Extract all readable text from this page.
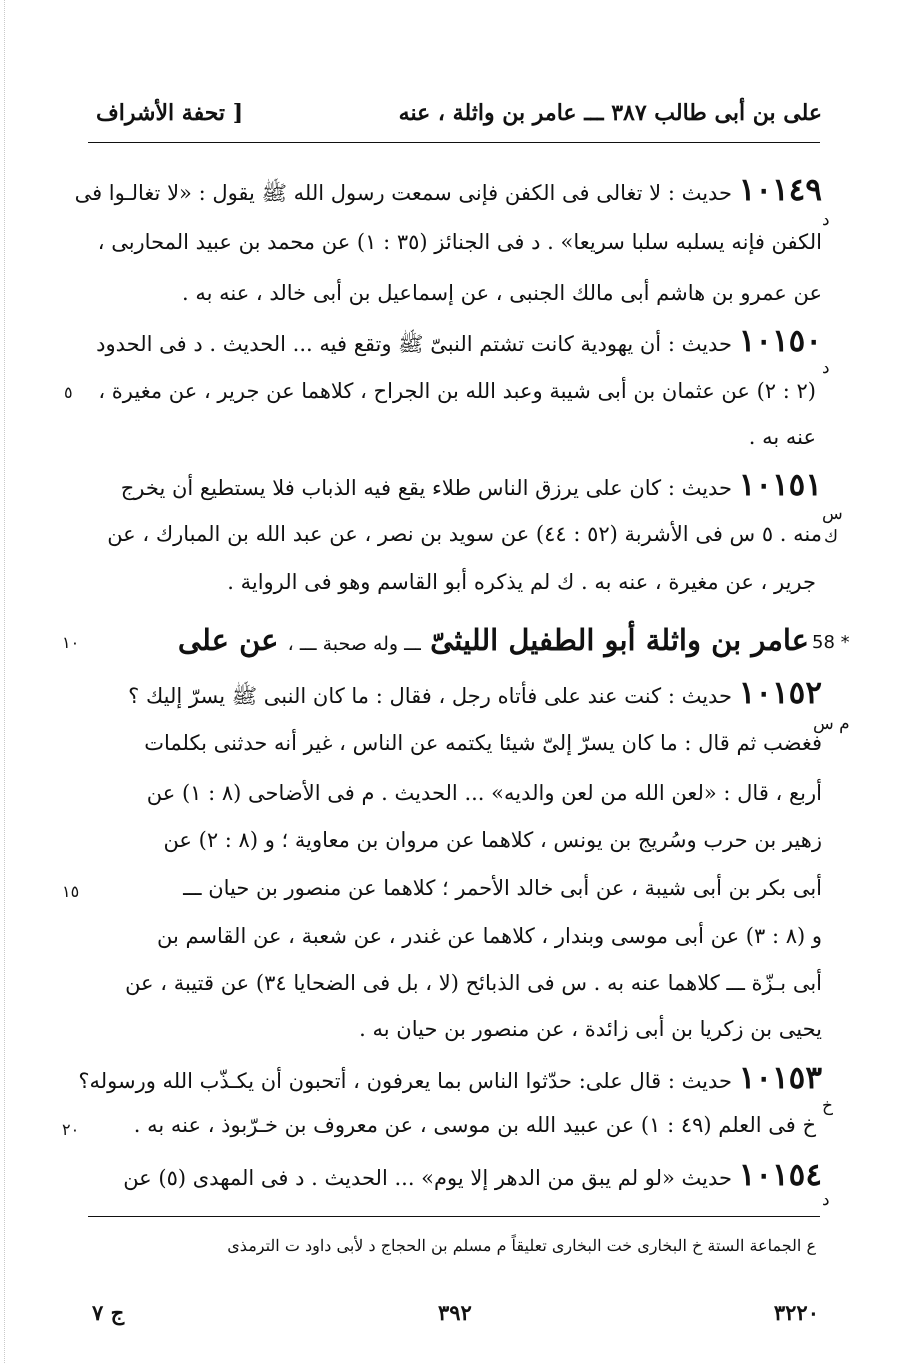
على بن أبى طالب ٣٨٧ ـــ عامر بن واثلة ، عنه
[ تحفة الأشراف
١٠١٤٩ حديث : لا تغالى فى الكفن فإنى سمعت رسول الله ﷺ يقول : «لا تغالـوا فى
د
الكفن فإنه يسلبه سلبا سريعا» . د فى الجنائز (٣٥ : ١) عن محمد بن عبيد المحاربى ،
عن عمرو بن هاشم أبى مالك الجنبى ، عن إسماعيل بن أبى خالد ، عنه به .
١٠١٥٠ حديث : أن يهودية كانت تشتم النبىّ ﷺ وتقع فيه ... الحديث . د فى الحدود
د
(٢ : ٢) عن عثمان بن أبى شيبة وعبد الله بن الجراح ، كلاهما عن جرير ، عن مغيرة ،
٥
عنه به .
١٠١٥١ حديث : كان على يرزق الناس طلاء يقع فيه الذباب فلا يستطيع أن يخرج
س
ك
منه . ٥ س فى الأشربة (٥٢ : ٤٤) عن سويد بن نصر ، عن عبد الله بن المبارك ، عن
جرير ، عن مغيرة ، عنه به . ك لم يذكره أبو القاسم وهو فى الرواية .
58 *
عامر بن واثلة أبو الطفيل الليثىّ ـــ وله صحبة ـــ ، عن على
١٠
١٠١٥٢ حديث : كنت عند على فأتاه رجل ، فقال : ما كان النبى ﷺ يسرّ إليك ؟
م س
فغضب ثم قال : ما كان يسرّ إلىّ شيئا يكتمه عن الناس ، غير أنه حدثنى بكلمات
أربع ، قال : «لعن الله من لعن والديه» ... الحديث . م فى الأضاحى (٨ : ١) عن
زهير بن حرب وسُريج بن يونس ، كلاهما عن مروان بن معاوية ؛ و (٨ : ٢) عن
أبى بكر بن أبى شيبة ، عن أبى خالد الأحمر ؛ كلاهما عن منصور بن حيان ـــ
١٥
و (٨ : ٣) عن أبى موسى وبندار ، كلاهما عن غندر ، عن شعبة ، عن القاسم بن
أبى بـزّة ـــ كلاهما عنه به . س فى الذبائح (لا ، بل فى الضحايا ٣٤) عن قتيبة ، عن
يحيى بن زكريا بن أبى زائدة ، عن منصور بن حيان به .
١٠١٥٣ حديث : قال على: حدّثوا الناس بما يعرفون ، أتحبون أن يكـذّب الله ورسوله؟
خ
خ فى العلم (٤٩ : ١) عن عبيد الله بن موسى ، عن معروف بن خـرّبوذ ، عنه به .
٢٠
١٠١٥٤ حديث «لو لم يبق من الدهر إلا يوم» ... الحديث . د فى المهدى (٥) عن
د
ع الجماعة الستة خ البخارى خت البخارى تعليقاً م مسلم بن الحجاج د لأبى داود ت الترمذى
٣٢٢٠
٣٩٢
ج ٧
